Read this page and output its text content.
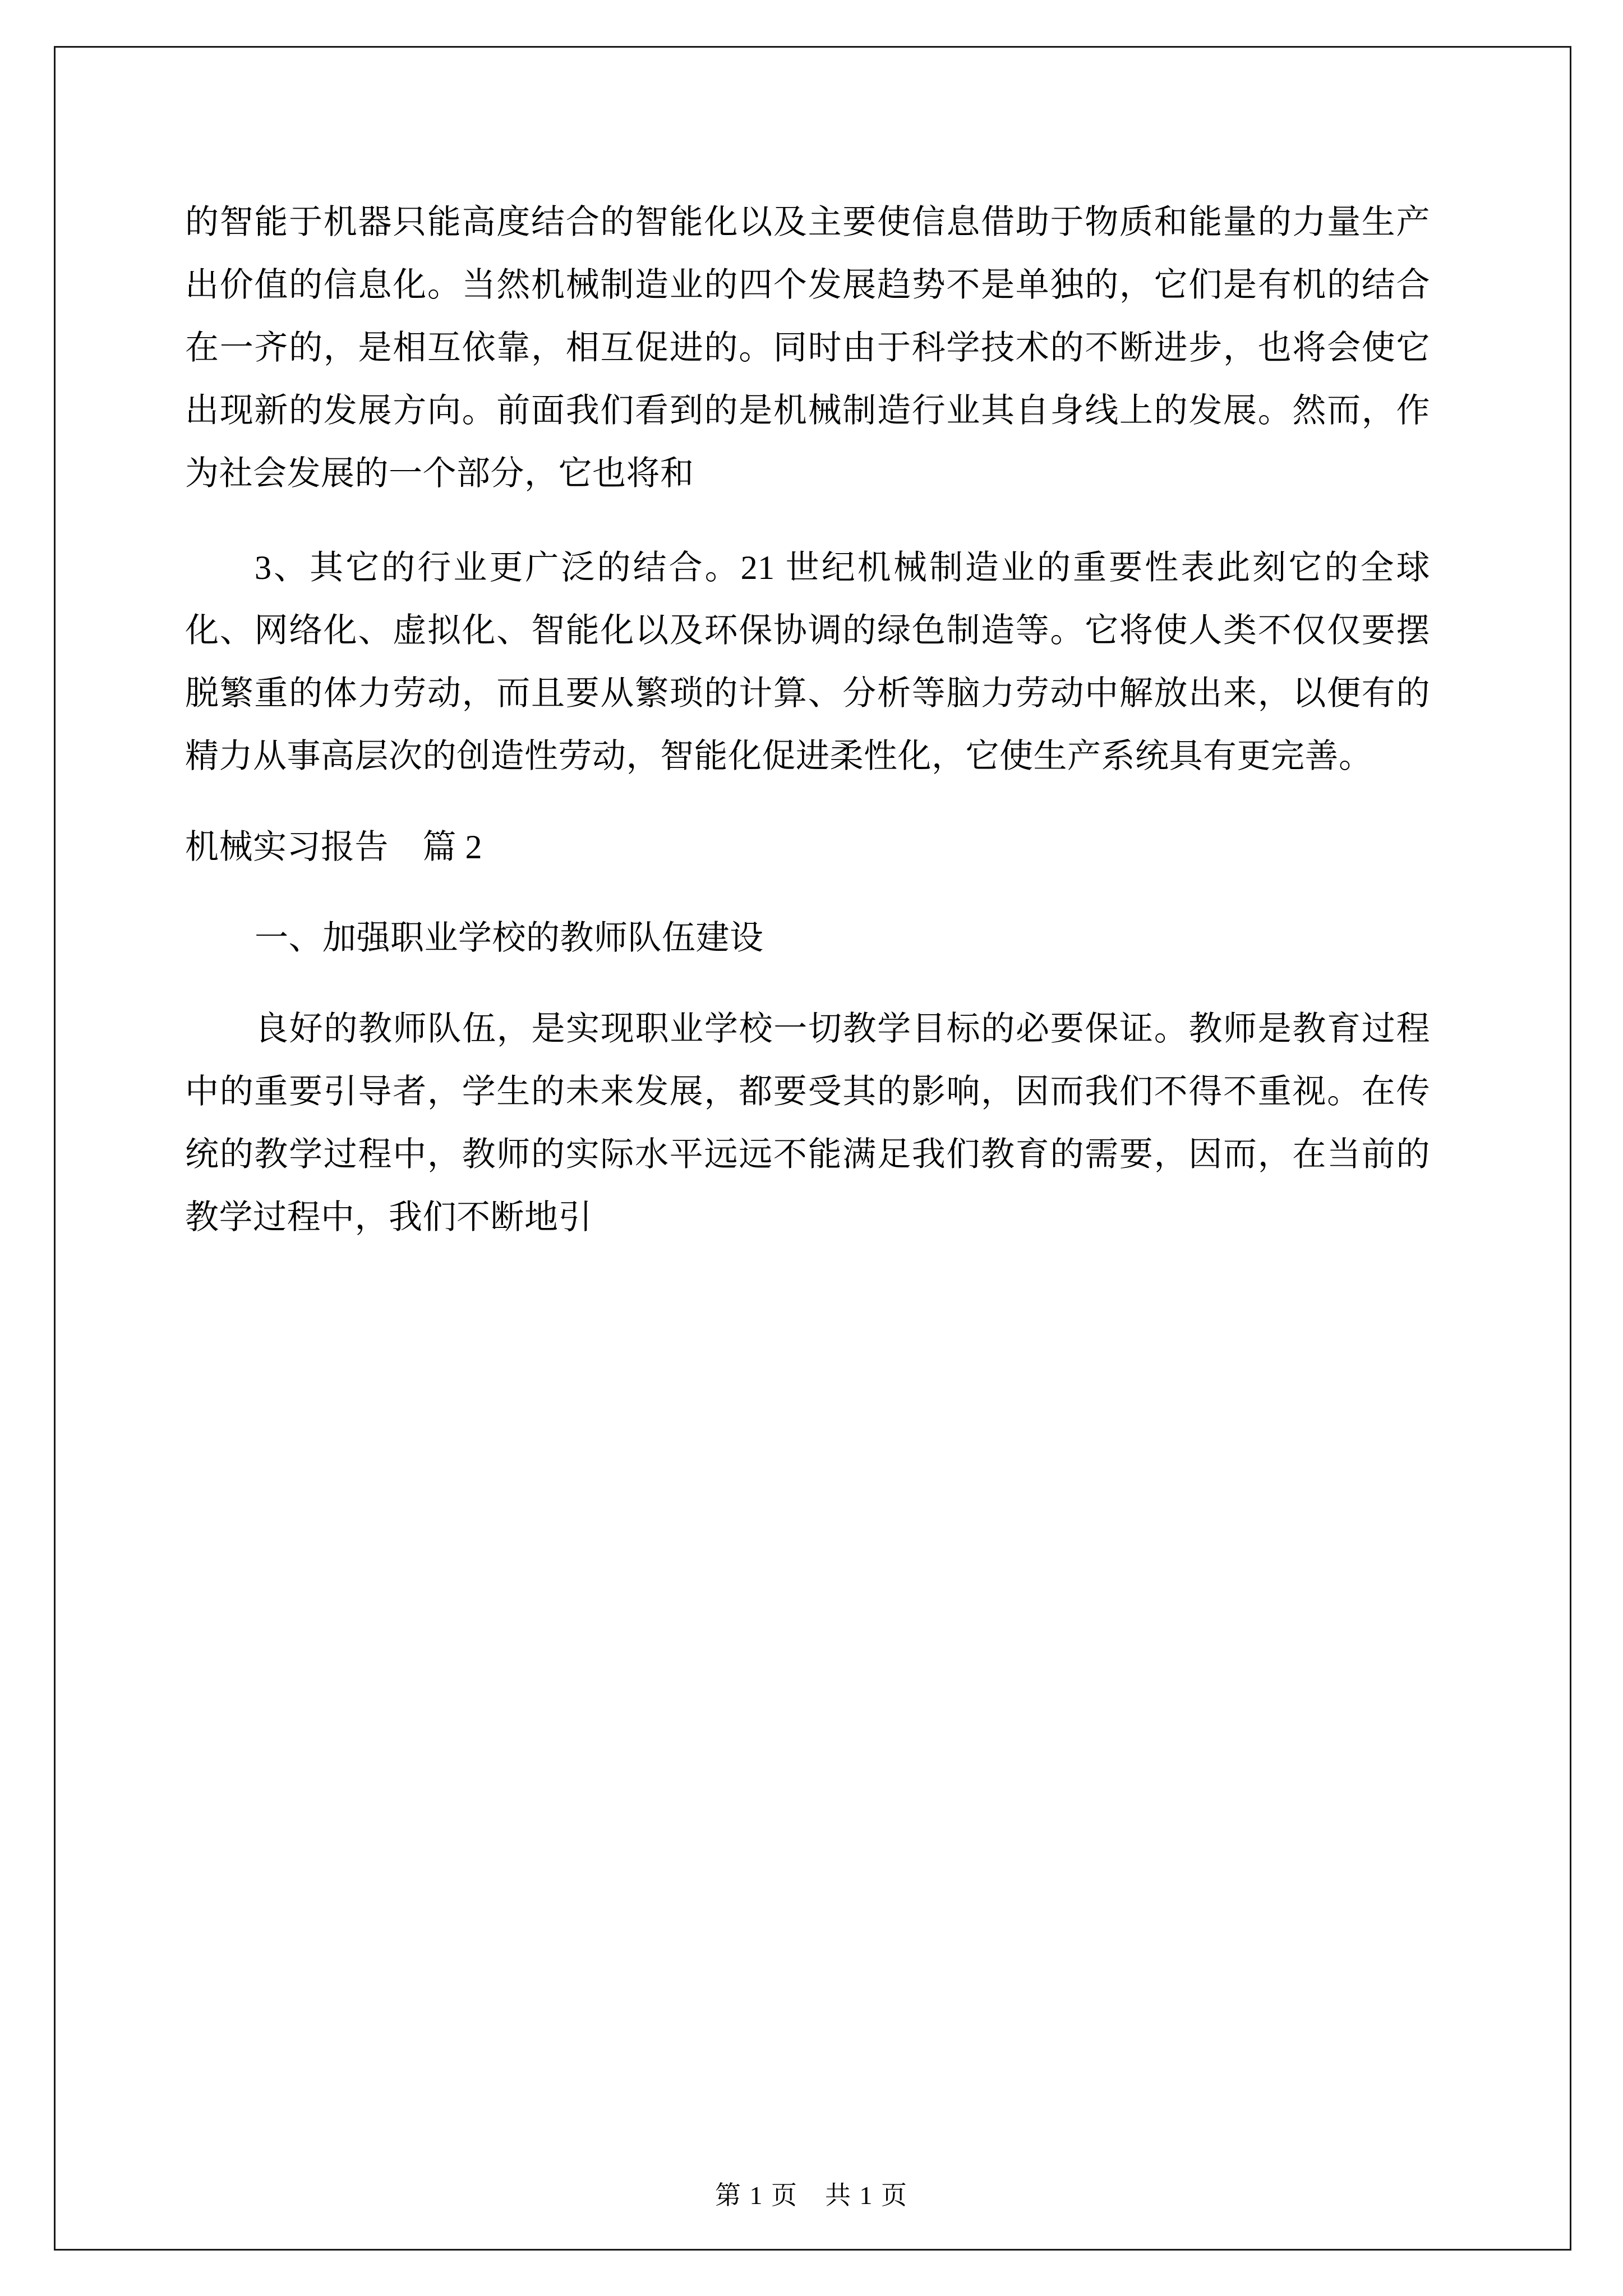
的智能于机器只能高度结合的智能化以及主要使信息借助于物质和能量的力量生产出价值的信息化。当然机械制造业的四个发展趋势不是单独的，它们是有机的结合在一齐的，是相互依靠，相互促进的。同时由于科学技术的不断进步，也将会使它出现新的发展方向。前面我们看到的是机械制造行业其自身线上的发展。然而，作为社会发展的一个部分，它也将和

3、其它的行业更广泛的结合。21 世纪机械制造业的重要性表此刻它的全球化、网络化、虚拟化、智能化以及环保协调的绿色制造等。它将使人类不仅仅要摆脱繁重的体力劳动，而且要从繁琐的计算、分析等脑力劳动中解放出来，以便有的精力从事高层次的创造性劳动，智能化促进柔性化，它使生产系统具有更完善。

机械实习报告　篇 2

一、加强职业学校的教师队伍建设

良好的教师队伍，是实现职业学校一切教学目标的必要保证。教师是教育过程中的重要引导者，学生的未来发展，都要受其的影响，因而我们不得不重视。在传统的教学过程中，教师的实际水平远远不能满足我们教育的需要，因而，在当前的教学过程中，我们不断地引

第 1 页　共 1 页
